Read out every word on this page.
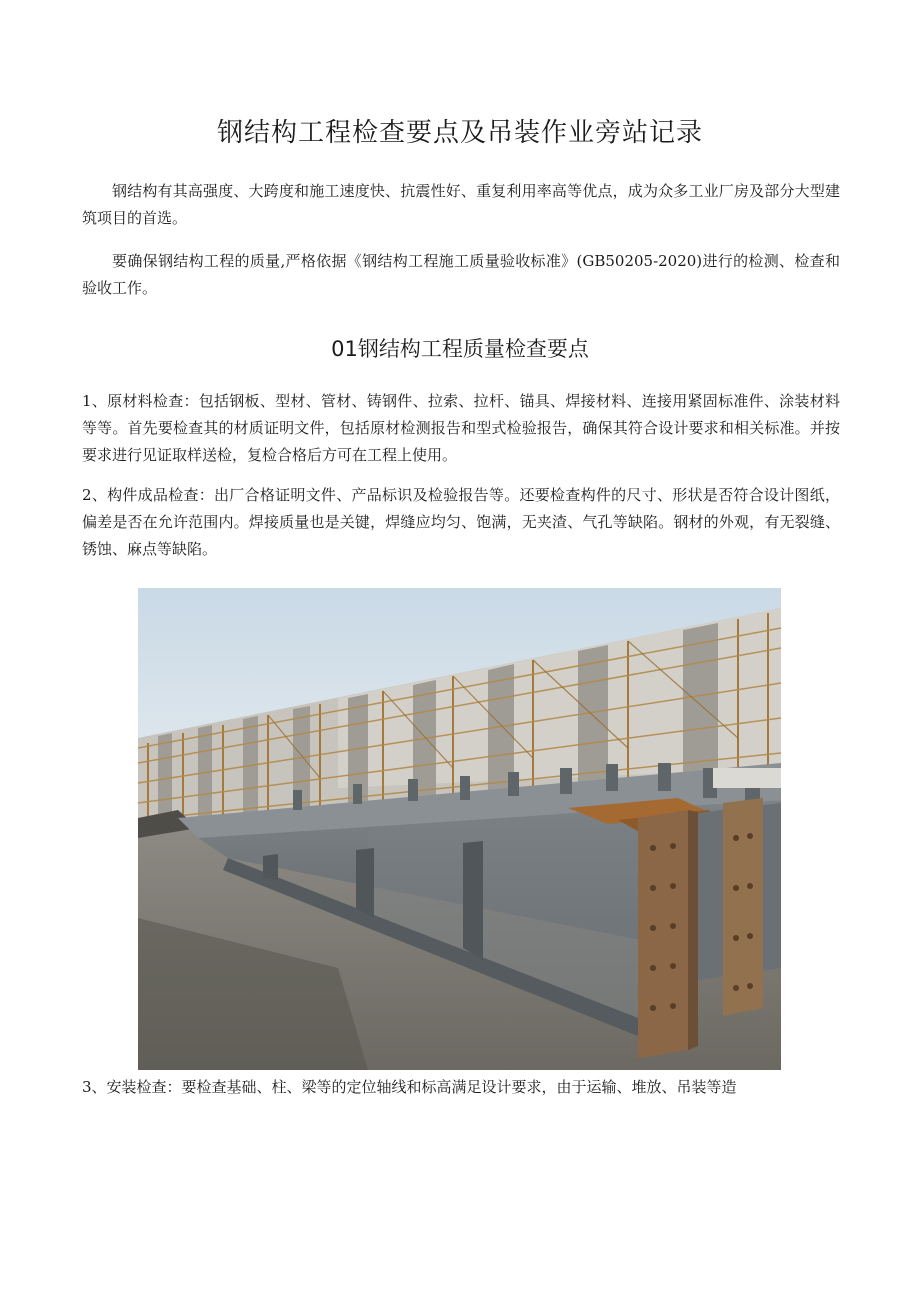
钢结构工程检查要点及吊装作业旁站记录

钢结构有其高强度、大跨度和施工速度快、抗震性好、重复利用率高等优点，成为众多工业厂房及部分大型建筑项目的首选。

要确保钢结构工程的质量,严格依据《钢结构工程施工质量验收标准》(GB50205-2020)进行的检测、检查和验收工作。

01钢结构工程质量检查要点

1、原材料检查：包括钢板、型材、管材、铸钢件、拉索、拉杆、锚具、焊接材料、连接用紧固标准件、涂装材料等等。首先要检查其的材质证明文件，包括原材检测报告和型式检验报告，确保其符合设计要求和相关标准。并按要求进行见证取样送检，复检合格后方可在工程上使用。

2、构件成品检查：出厂合格证明文件、产品标识及检验报告等。还要检查构件的尺寸、形状是否符合设计图纸，偏差是否在允许范围内。焊接质量也是关键，焊缝应均匀、饱满，无夹渣、气孔等缺陷。钢材的外观，有无裂缝、锈蚀、麻点等缺陷。

3、安装检查：要检查基础、柱、梁等的定位轴线和标高满足设计要求，由于运输、堆放、吊装等造
